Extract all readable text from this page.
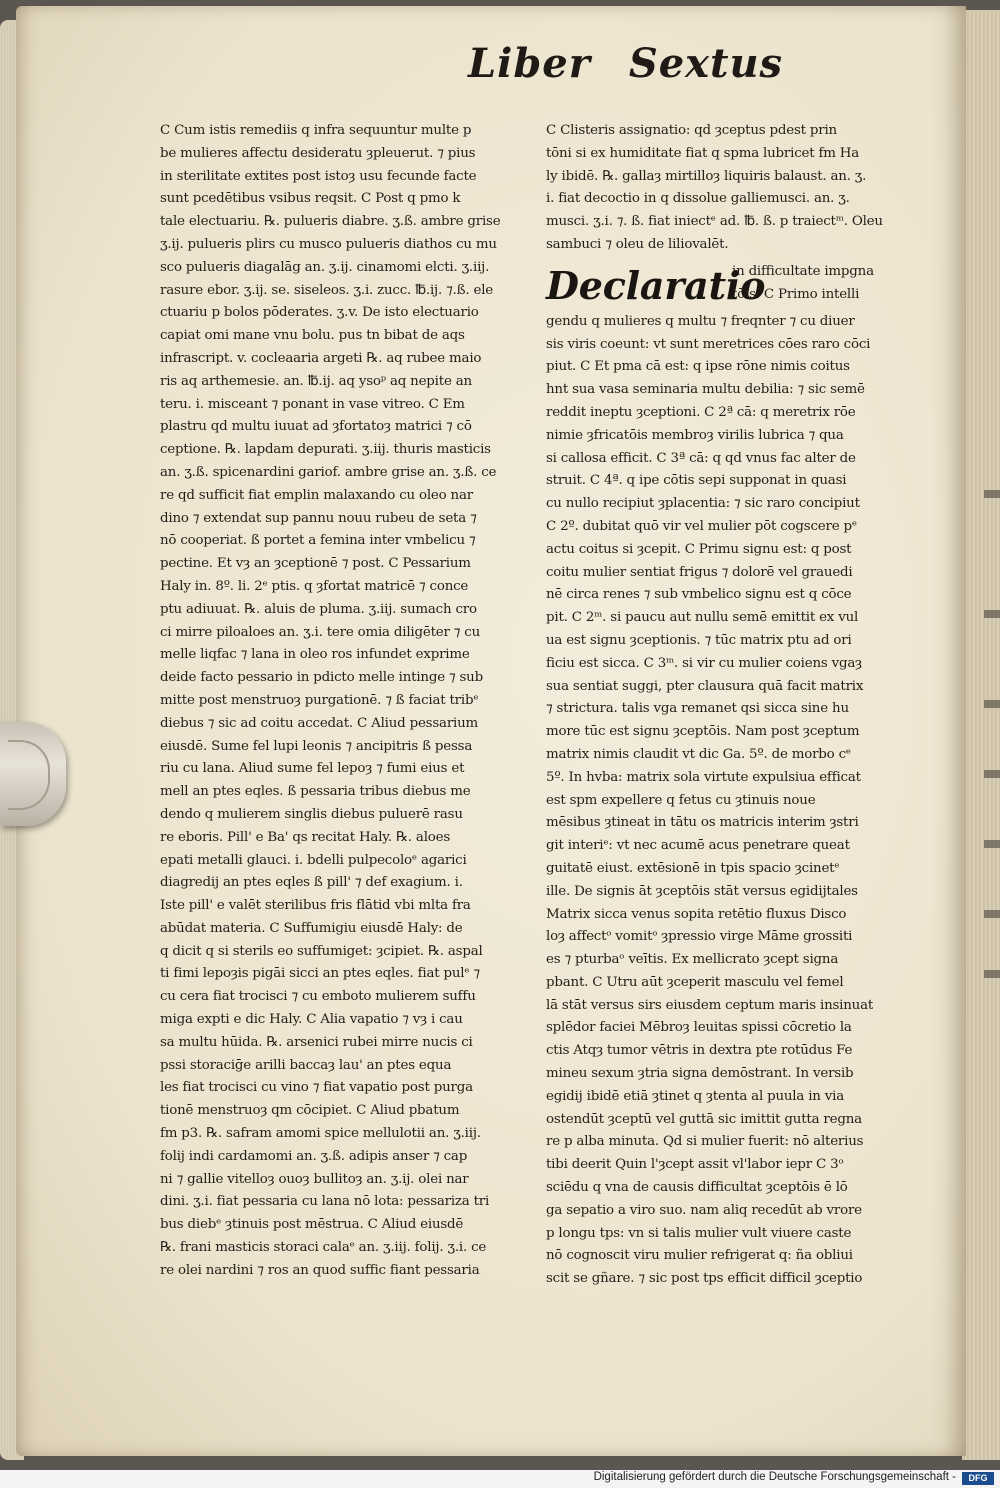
Liber Sextus
C Cum istis remediis q infra sequuntur multe p
be mulieres affectu desideratu ȝpleuerut. ⁊ pius
in sterilitate extites post istoȝ usu fecunde facte
sunt pcedētibus vsibus reqsit. C Post q pmo k
tale electuariu. ℞. pulueris diabre. ʒ.ß. ambre grise
ʒ.ij. pulueris plirs cu musco pulueris diathos cu mu
sco pulueris diagalāg an. ʒ.ij. cinamomi elcti. ʒ.iij.
rasure ebor. ʒ.ij. se. siseleos. ʒ.i. zucc. ℔.ij. ⁊.ß. ele
ctuariu p bolos pōderates. ʒ.v. De isto electuario
capiat omi mane vnu bolu. pus tn bibat de aqs
infrascript. v. cocleaaria argeti ℞. aq rubee maio
ris aq arthemesie. an. ℔.ij. aq ysoᵖ aq nepite an
teru. i. misceant ⁊ ponant in vase vitreo. C Em
plastru qd multu iuuat ad ȝfortatoȝ matrici ⁊ cō
ceptione. ℞. lapdam depurati. ʒ.iij. thuris masticis
an. ʒ.ß. spicenardini gariof. ambre grise an. ʒ.ß. ce
re qd sufficit fiat emplin malaxando cu oleo nar
dino ⁊ extendat sup pannu nouu rubeu de seta ⁊
nō cooperiat. ß portet a femina inter vmbelicu ⁊
pectine. Et vȝ an ȝceptionē ⁊ post. C Pessarium
Haly in. 8º. li. 2ᵉ ptis. q ȝfortat matricē ⁊ conce
ptu adiuuat. ℞. aluis de pluma. ʒ.iij. sumach cro
ci mirre piloaloes an. ʒ.i. tere omia diligēter ⁊ cu
melle liqfac ⁊ lana in oleo ros infundet exprime
deide facto pessario in pdicto melle intinge ⁊ sub
mitte post menstruoȝ purgationē. ⁊ ß faciat tribᵉ
diebus ⁊ sic ad coitu accedat. C Aliud pessarium
eiusdē. Sume fel lupi leonis ⁊ ancipitris ß pessa
riu cu lana. Aliud sume fel lepoȝ ⁊ fumi eius et
mell an ptes eqles. ß pessaria tribus diebus me
dendo q mulierem singlis diebus puluerē rasu
re eboris. Pill' e Ba' qs recitat Haly. ℞. aloes
epati metalli glauci. i. bdelli pulpecoloᵉ agarici
diagredij an ptes eqles ß pill' ⁊ def exagium. i.
Iste pill' e valēt sterilibus fris flātid vbi mlta fra
abūdat materia. C Suffumigiu eiusdē Haly: de
q dicit q si sterils eo suffumiget: ȝcipiet. ℞. aspal
ti fimi lepoȝis pigāi sicci an ptes eqles. fiat pulᵉ ⁊
cu cera fiat trocisci ⁊ cu emboto mulierem suffu
miga expti e dic Haly. C Alia vapatio ⁊ vȝ i cau
sa multu hūida. ℞. arsenici rubei mirre nucis ci
pssi storaciḡe arilli baccaȝ lau' an ptes equa
les fiat trocisci cu vino ⁊ fiat vapatio post purga
tionē menstruoȝ qm cōcipiet. C Aliud pbatum
fm p3. ℞. safram amomi spice mellulotii an. ʒ.iij.
folij indi cardamomi an. ʒ.ß. adipis anser ⁊ cap
ni ⁊ gallie vitelloȝ ouoȝ bullitoȝ an. ʒ.ij. olei nar
dini. ʒ.i. fiat pessaria cu lana nō lota: pessariza tri
bus diebᵉ ȝtinuis post mēstrua. C Aliud eiusdē
℞. frani masticis storaci calaᵉ an. ʒ.iij. folij. ʒ.i. ce
re olei nardini ⁊ ros an quod suffic fiant pessaria
C Clisteris assignatio: qd ȝceptus pdest prin
tōni si ex humiditate fiat q spma lubricet fm Ha
ly ibidē. ℞. gallaȝ mirtilloȝ liquiris balaust. an. ʒ.
i. fiat decoctio in q dissolue galliemusci. an. ʒ.
musci. ʒ.i. ⁊. ß. fiat iniectᵉ ad. ℔. ß. p traiectᵐ. Oleu
sambuci ⁊ oleu de liliovalēt.
Declaratio
in difficultate impgna
tōis. C Primo intelli
gendu q mulieres q multu ⁊ freqnter ⁊ cu diuer
sis viris coeunt: vt sunt meretrices cōes raro cōci
piut. C Et pma cā est: q ipse rōne nimis coitus
hnt sua vasa seminaria multu debilia: ⁊ sic semē
reddit ineptu ȝceptioni. C 2ª cā: q meretrix rōe
nimie ȝfricatōis membroȝ virilis lubrica ⁊ qua
si callosa efficit. C 3ª cā: q qd vnus fac alter de
struit. C 4ª. q ipe cōtis sepi supponat in quasi
cu nullo recipiut ȝplacentia: ⁊ sic raro concipiut
C 2º. dubitat quō vir vel mulier pōt cogscere pᵉ
actu coitus si ȝcepit. C Primu signu est: q post
coitu mulier sentiat frigus ⁊ dolorē vel grauedi
nē circa renes ⁊ sub vmbelico signu est q cōce
pit. C 2ᵐ. si paucu aut nullu semē emittit ex vul
ua est signu ȝceptionis. ⁊ tūc matrix ptu ad ori
ficiu est sicca. C 3ᵐ. si vir cu mulier coiens vgaȝ
sua sentiat suggi, pter clausura quā facit matrix
⁊ strictura. talis vga remanet qsi sicca sine hu
more tūc est signu ȝceptōis. Nam post ȝceptum
matrix nimis claudit vt dic Ga. 5º. de morbo cᵉ
5º. In hvba: matrix sola virtute expulsiua efficat
est spm expellere q fetus cu ȝtinuis noue
mēsibus ȝtineat in tātu os matricis interim ȝstri
git interiᵉ: vt nec acumē acus penetrare queat
guitatē eiust. extēsionē in tpis spacio ȝcinetᵉ
ille. De signis āt ȝceptōis stāt versus egidijtales
Matrix sicca venus sopita retētio fluxus Disco
loȝ affectᵒ vomitᵒ ȝpressio virge Māme grossiti
es ⁊ pturbaᵒ veītis. Ex mellicrato ȝcept signa
pbant. C Utru aūt ȝceperit masculu vel femel
lā stāt versus sirs eiusdem ceptum maris insinuat
splēdor faciei Mēbroȝ leuitas spissi cōcretio la
ctis Atqȝ tumor vētris in dextra pte rotūdus Fe
mineu sexum ȝtria signa demōstrant. In versib
egidij ibidē etiā ȝtinet q ȝtenta al puula in via
ostendūt ȝceptū vel guttā sic imittit gutta regna
re p alba minuta. Qd si mulier fuerit: nō alterius
tibi deerit Quin l'ȝcept assit vl'labor iepr C 3ᵒ
sciēdu q vna de causis difficultat ȝceptōis ē lō
ga sepatio a viro suo. nam aliq recedūt ab vrore
p longu tps: vn si talis mulier vult viuere caste
nō cognoscit viru mulier refrigerat q: ña obliui
scit se gñare. ⁊ sic post tps efficit difficil ȝceptio
Digitalisierung gefördert durch die Deutsche Forschungsgemeinschaft -	DFG
